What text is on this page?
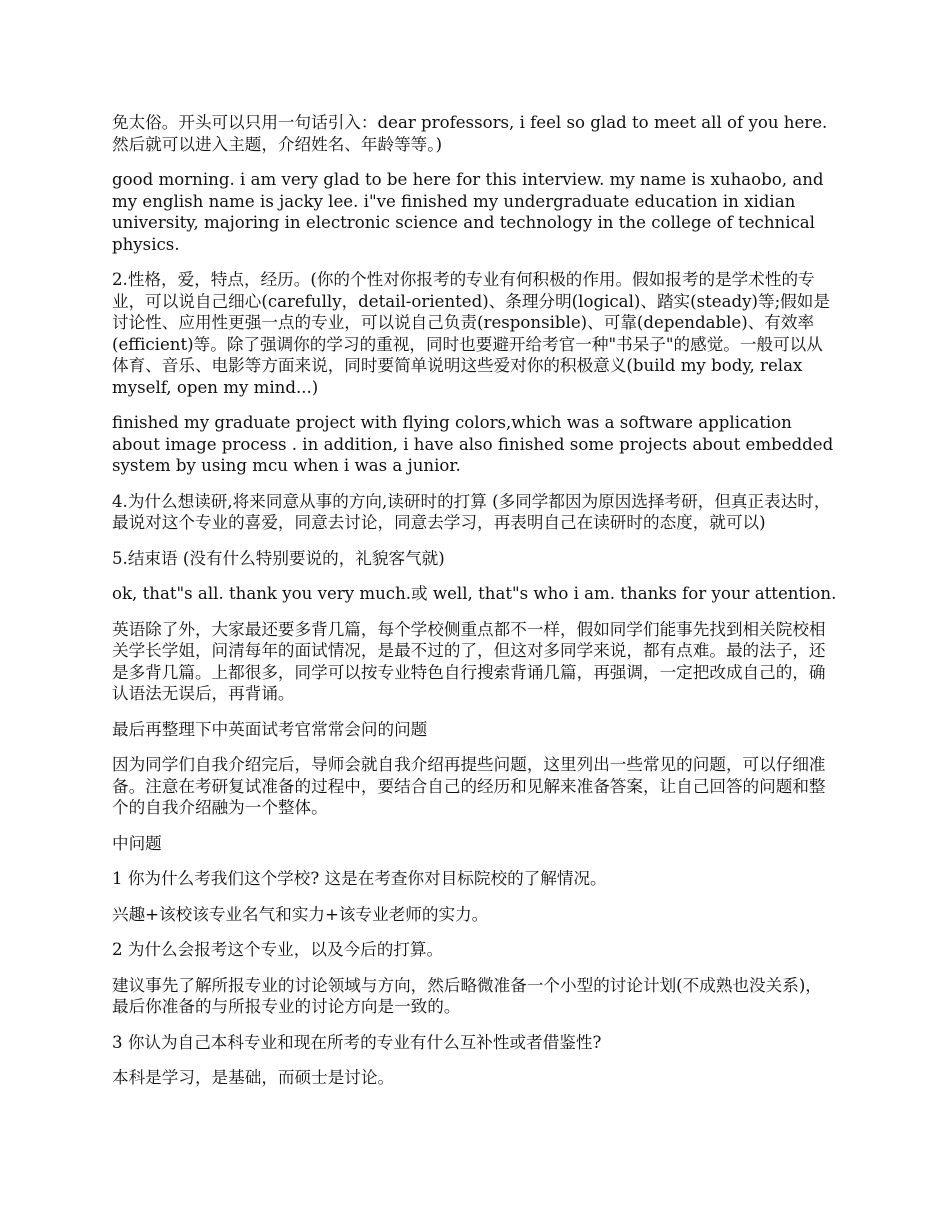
免太俗。开头可以只用一句话引入：dear professors, i feel so glad to meet all of you here. 然后就可以进入主题，介绍姓名、年龄等等。)

good morning. i am very glad to be here for this interview. my name is xuhaobo, and my english name is jacky lee. i"ve finished my undergraduate education in xidian university, majoring in electronic science and technology in the college of technical physics.

2.性格，爱，特点，经历。(你的个性对你报考的专业有何积极的作用。假如报考的是学术性的专业，可以说自己细心(carefully，detail-oriented)、条理分明(logical)、踏实(steady)等;假如是讨论性、应用性更强一点的专业，可以说自己负责(responsible)、可靠(dependable)、有效率(efficient)等。除了强调你的学习的重视，同时也要避开给考官一种"书呆子"的感觉。一般可以从体育、音乐、电影等方面来说，同时要简单说明这些爱对你的积极意义(build my body, relax myself, open my mind...)

finished my graduate project with flying colors,which was a software application about image process . in addition, i have also finished some projects about embedded system by using mcu when i was a junior.

4.为什么想读研,将来同意从事的方向,读研时的打算 (多同学都因为原因选择考研，但真正表达时，最说对这个专业的喜爱，同意去讨论，同意去学习，再表明自己在读研时的态度，就可以)

5.结束语 (没有什么特别要说的，礼貌客气就)

ok, that"s all. thank you very much.或 well, that"s who i am. thanks for your attention.

英语除了外，大家最还要多背几篇，每个学校侧重点都不一样，假如同学们能事先找到相关院校相关学长学姐，问清每年的面试情况，是最不过的了，但这对多同学来说，都有点难。最的法子，还是多背几篇。上都很多，同学可以按专业特色自行搜索背诵几篇，再强调，一定把改成自己的，确认语法无误后，再背诵。

最后再整理下中英面试考官常常会问的问题

因为同学们自我介绍完后，导师会就自我介绍再提些问题，这里列出一些常见的问题，可以仔细准备。注意在考研复试准备的过程中，要结合自己的经历和见解来准备答案，让自己回答的问题和整个的自我介绍融为一个整体。

中问题

1 你为什么考我们这个学校? 这是在考查你对目标院校的了解情况。

兴趣+该校该专业名气和实力+该专业老师的实力。

2 为什么会报考这个专业，以及今后的打算。

建议事先了解所报专业的讨论领域与方向，然后略微准备一个小型的讨论计划(不成熟也没关系)，最后你准备的与所报专业的讨论方向是一致的。

3 你认为自己本科专业和现在所考的专业有什么互补性或者借鉴性?

本科是学习，是基础，而硕士是讨论。
